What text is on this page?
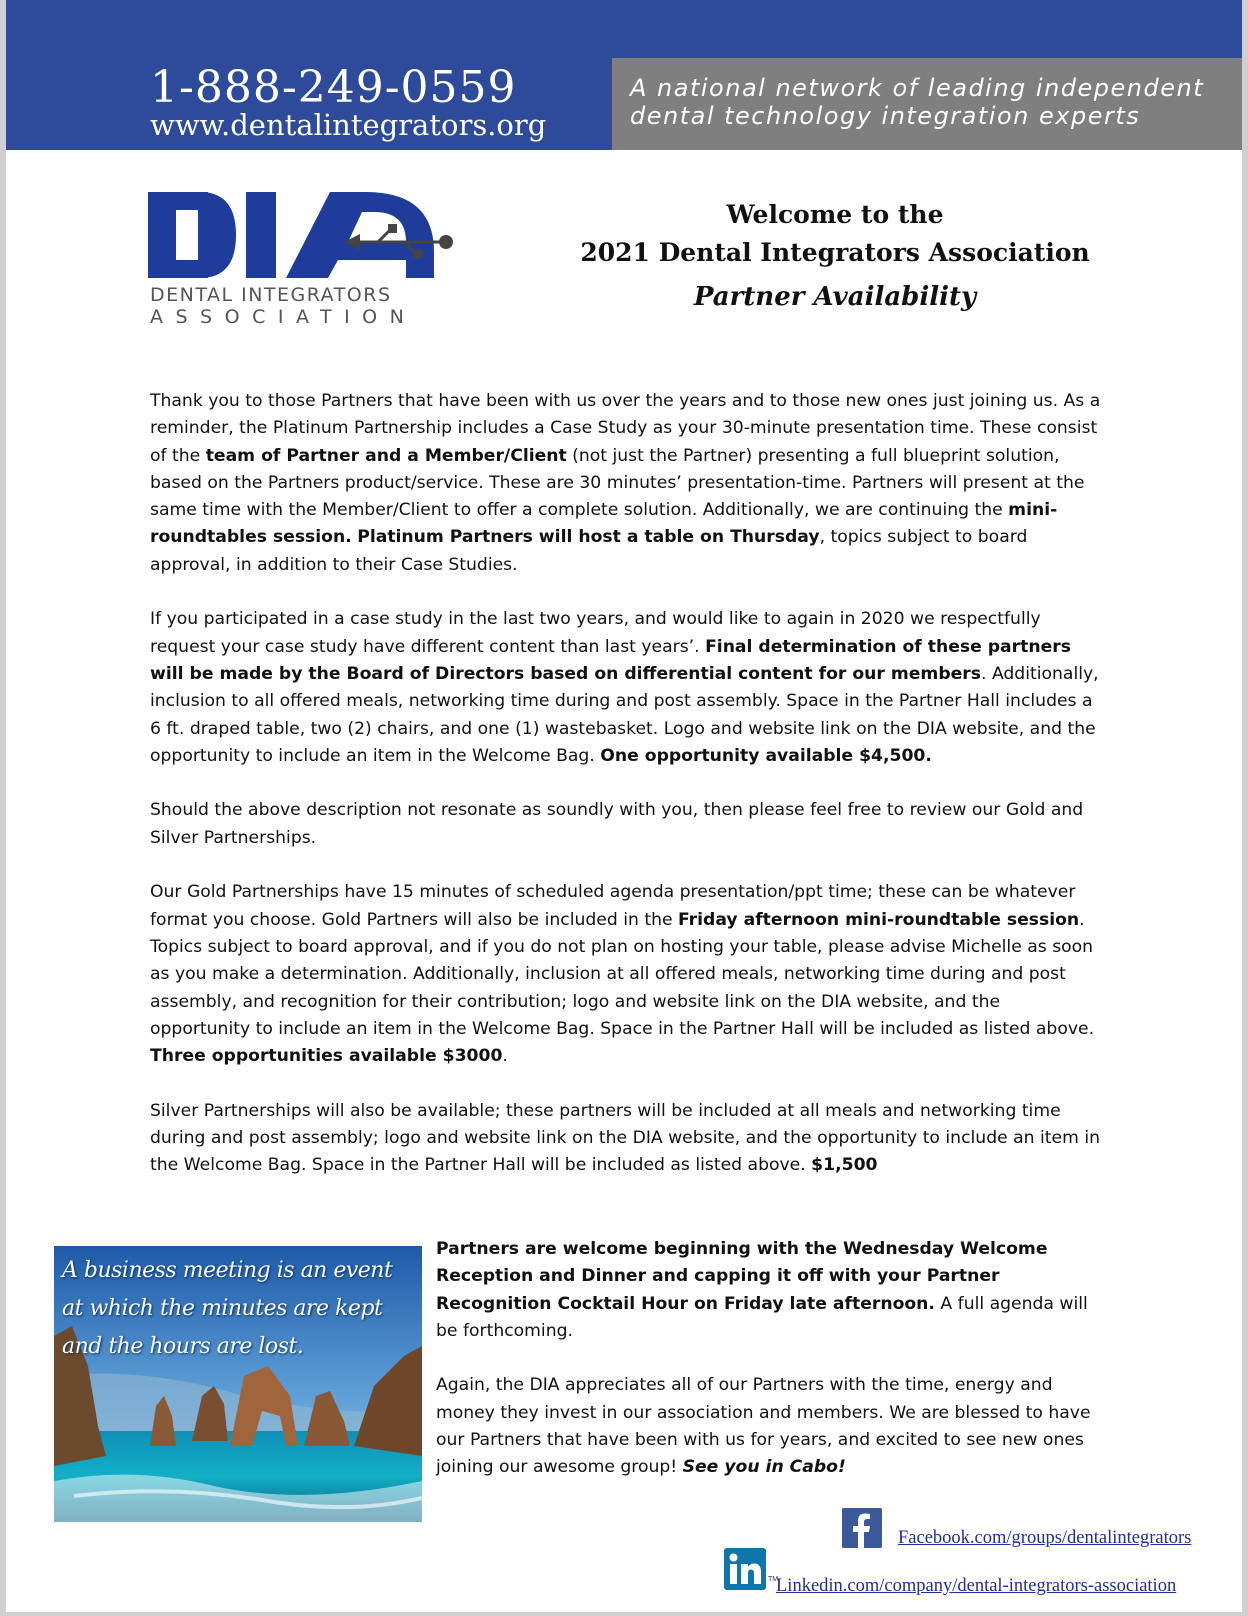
1-888-249-0559
www.dentalintegrators.org
A national network of leading independent dental technology integration experts
DENTAL INTEGRATORS
ASSOCIATION
Welcome to the
2021 Dental Integrators Association
Partner Availability

Thank you to those Partners that have been with us over the years and to those new ones just joining us. As a reminder, the Platinum Partnership includes a Case Study as your 30-minute presentation time. These consist of the team of Partner and a Member/Client (not just the Partner) presenting a full blueprint solution, based on the Partners product/service. These are 30 minutes’ presentation-time. Partners will present at the same time with the Member/Client to offer a complete solution. Additionally, we are continuing the mini-roundtables session. Platinum Partners will host a table on Thursday, topics subject to board approval, in addition to their Case Studies.

If you participated in a case study in the last two years, and would like to again in 2020 we respectfully request your case study have different content than last years’. Final determination of these partners will be made by the Board of Directors based on differential content for our members. Additionally, inclusion to all offered meals, networking time during and post assembly. Space in the Partner Hall includes a 6 ft. draped table, two (2) chairs, and one (1) wastebasket. Logo and website link on the DIA website, and the opportunity to include an item in the Welcome Bag. One opportunity available $4,500.

Should the above description not resonate as soundly with you, then please feel free to review our Gold and Silver Partnerships.

Our Gold Partnerships have 15 minutes of scheduled agenda presentation/ppt time; these can be whatever format you choose. Gold Partners will also be included in the Friday afternoon mini-roundtable session. Topics subject to board approval, and if you do not plan on hosting your table, please advise Michelle as soon as you make a determination. Additionally, inclusion at all offered meals, networking time during and post assembly, and recognition for their contribution; logo and website link on the DIA website, and the opportunity to include an item in the Welcome Bag. Space in the Partner Hall will be included as listed above. Three opportunities available $3000.

Silver Partnerships will also be available; these partners will be included at all meals and networking time during and post assembly; logo and website link on the DIA website, and the opportunity to include an item in the Welcome Bag. Space in the Partner Hall will be included as listed above. $1,500

A business meeting is an event
at which the minutes are kept
and the hours are lost.

Partners are welcome beginning with the Wednesday Welcome Reception and Dinner and capping it off with your Partner Recognition Cocktail Hour on Friday late afternoon. A full agenda will be forthcoming.

Again, the DIA appreciates all of our Partners with the time, energy and money they invest in our association and members. We are blessed to have our Partners that have been with us for years, and excited to see new ones joining our awesome group! See you in Cabo!

Facebook.com/groups/dentalintegrators
TM
Linkedin.com/company/dental-integrators-association
